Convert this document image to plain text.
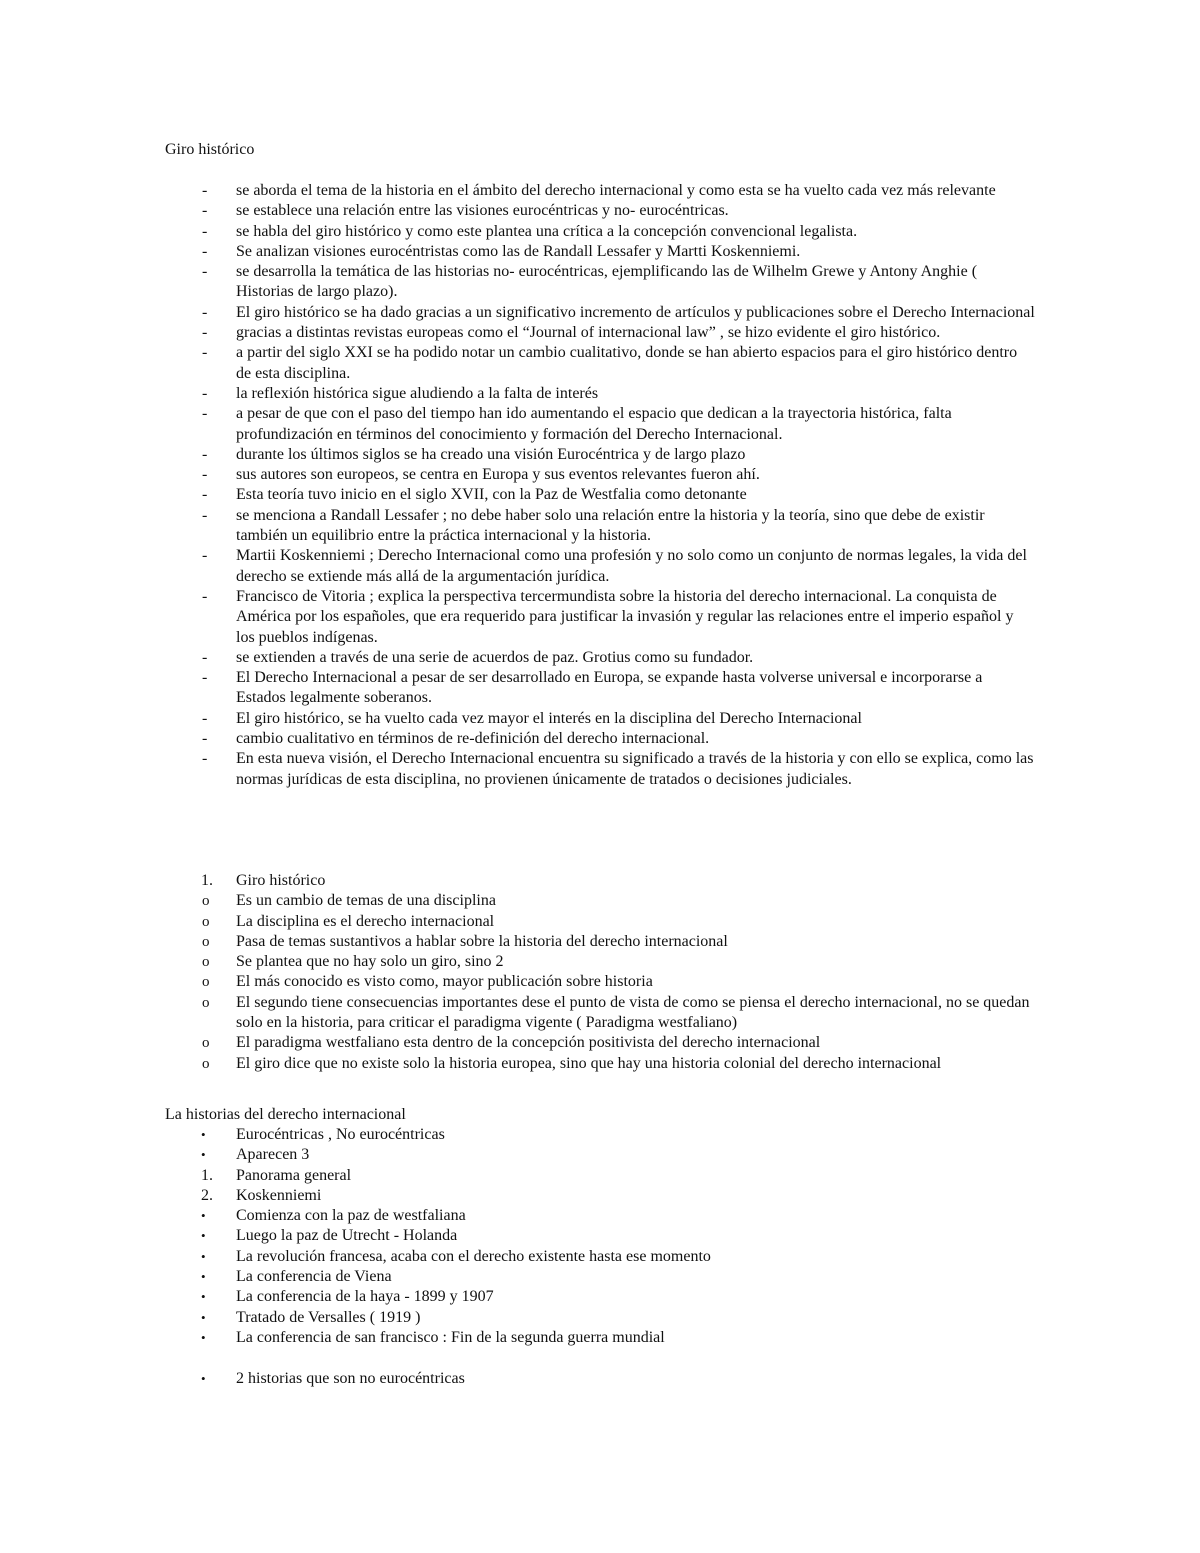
Giro histórico
- se aborda el tema de la historia en el ámbito del derecho internacional y como esta se ha vuelto cada vez más relevante
- se establece una relación entre las visiones eurocéntricas y no- eurocéntricas.
- se habla del giro histórico y como este plantea una crítica a la concepción convencional legalista.
- Se analizan visiones eurocéntristas como las de Randall Lessafer y Martti Koskenniemi.
- se desarrolla la temática de las historias no- eurocéntricas, ejemplificando las de Wilhelm Grewe y Antony Anghie ( Historias de largo plazo).
- El giro histórico se ha dado gracias a un significativo incremento de artículos y publicaciones sobre el Derecho Internacional
- gracias a distintas revistas europeas como el “Journal of internacional law” , se hizo evidente el giro histórico.
- a partir del siglo XXI se ha podido notar un cambio cualitativo, donde se han abierto espacios para el giro histórico dentro de esta disciplina.
- la reflexión histórica sigue aludiendo a la falta de interés
- a pesar de que con el paso del tiempo han ido aumentando el espacio que dedican a la trayectoria histórica, falta profundización en términos del conocimiento y formación del Derecho Internacional.
- durante los últimos siglos se ha creado una visión Eurocéntrica y de largo plazo
- sus autores son europeos, se centra en Europa y sus eventos relevantes fueron ahí.
- Esta teoría tuvo inicio en el siglo XVII, con la Paz de Westfalia como detonante
- se menciona a Randall Lessafer ; no debe haber solo una relación entre la historia y la teoría, sino que debe de existir también un equilibrio entre la práctica internacional y la historia.
- Martii Koskenniemi ; Derecho Internacional como una profesión y no solo como un conjunto de normas legales, la vida del derecho se extiende más allá de la argumentación jurídica.
- Francisco de Vitoria ; explica la perspectiva tercermundista sobre la historia del derecho internacional. La conquista de América por los españoles, que era requerido para justificar la invasión y regular las relaciones entre el imperio español y los pueblos indígenas.
- se extienden a través de una serie de acuerdos de paz. Grotius como su fundador.
- El Derecho Internacional a pesar de ser desarrollado en Europa, se expande hasta volverse universal e incorporarse a Estados legalmente soberanos.
- El giro histórico, se ha vuelto cada vez mayor el interés en la disciplina del Derecho Internacional
- cambio cualitativo en términos de re-definición del derecho internacional.
- En esta nueva visión, el Derecho Internacional encuentra su significado a través de la historia y con ello se explica, como las normas jurídicas de esta disciplina, no provienen únicamente de tratados o decisiones judiciales.
1. Giro histórico
o Es un cambio de temas de una disciplina
o La disciplina es el derecho internacional
o Pasa de temas sustantivos a hablar sobre la historia del derecho internacional
o Se plantea que no hay solo un giro, sino 2
o El más conocido es visto como, mayor publicación sobre historia
o El segundo tiene consecuencias importantes dese el punto de vista de como se piensa el derecho internacional, no se quedan solo en la historia, para criticar el paradigma vigente ( Paradigma westfaliano)
o El paradigma westfaliano esta dentro de la concepción positivista del derecho internacional
o El giro dice que no existe solo la historia europea, sino que hay una historia colonial del derecho internacional
La historias del derecho internacional
• Eurocéntricas , No eurocéntricas
• Aparecen 3
1. Panorama general
2. Koskenniemi
• Comienza con la paz de westfaliana
• Luego la paz de Utrecht - Holanda
• La revolución francesa, acaba con el derecho existente hasta ese momento
• La conferencia de Viena
• La conferencia de la haya - 1899 y 1907
• Tratado de Versalles ( 1919 )
• La conferencia de san francisco : Fin de la segunda guerra mundial
• 2 historias que son no eurocéntricas
